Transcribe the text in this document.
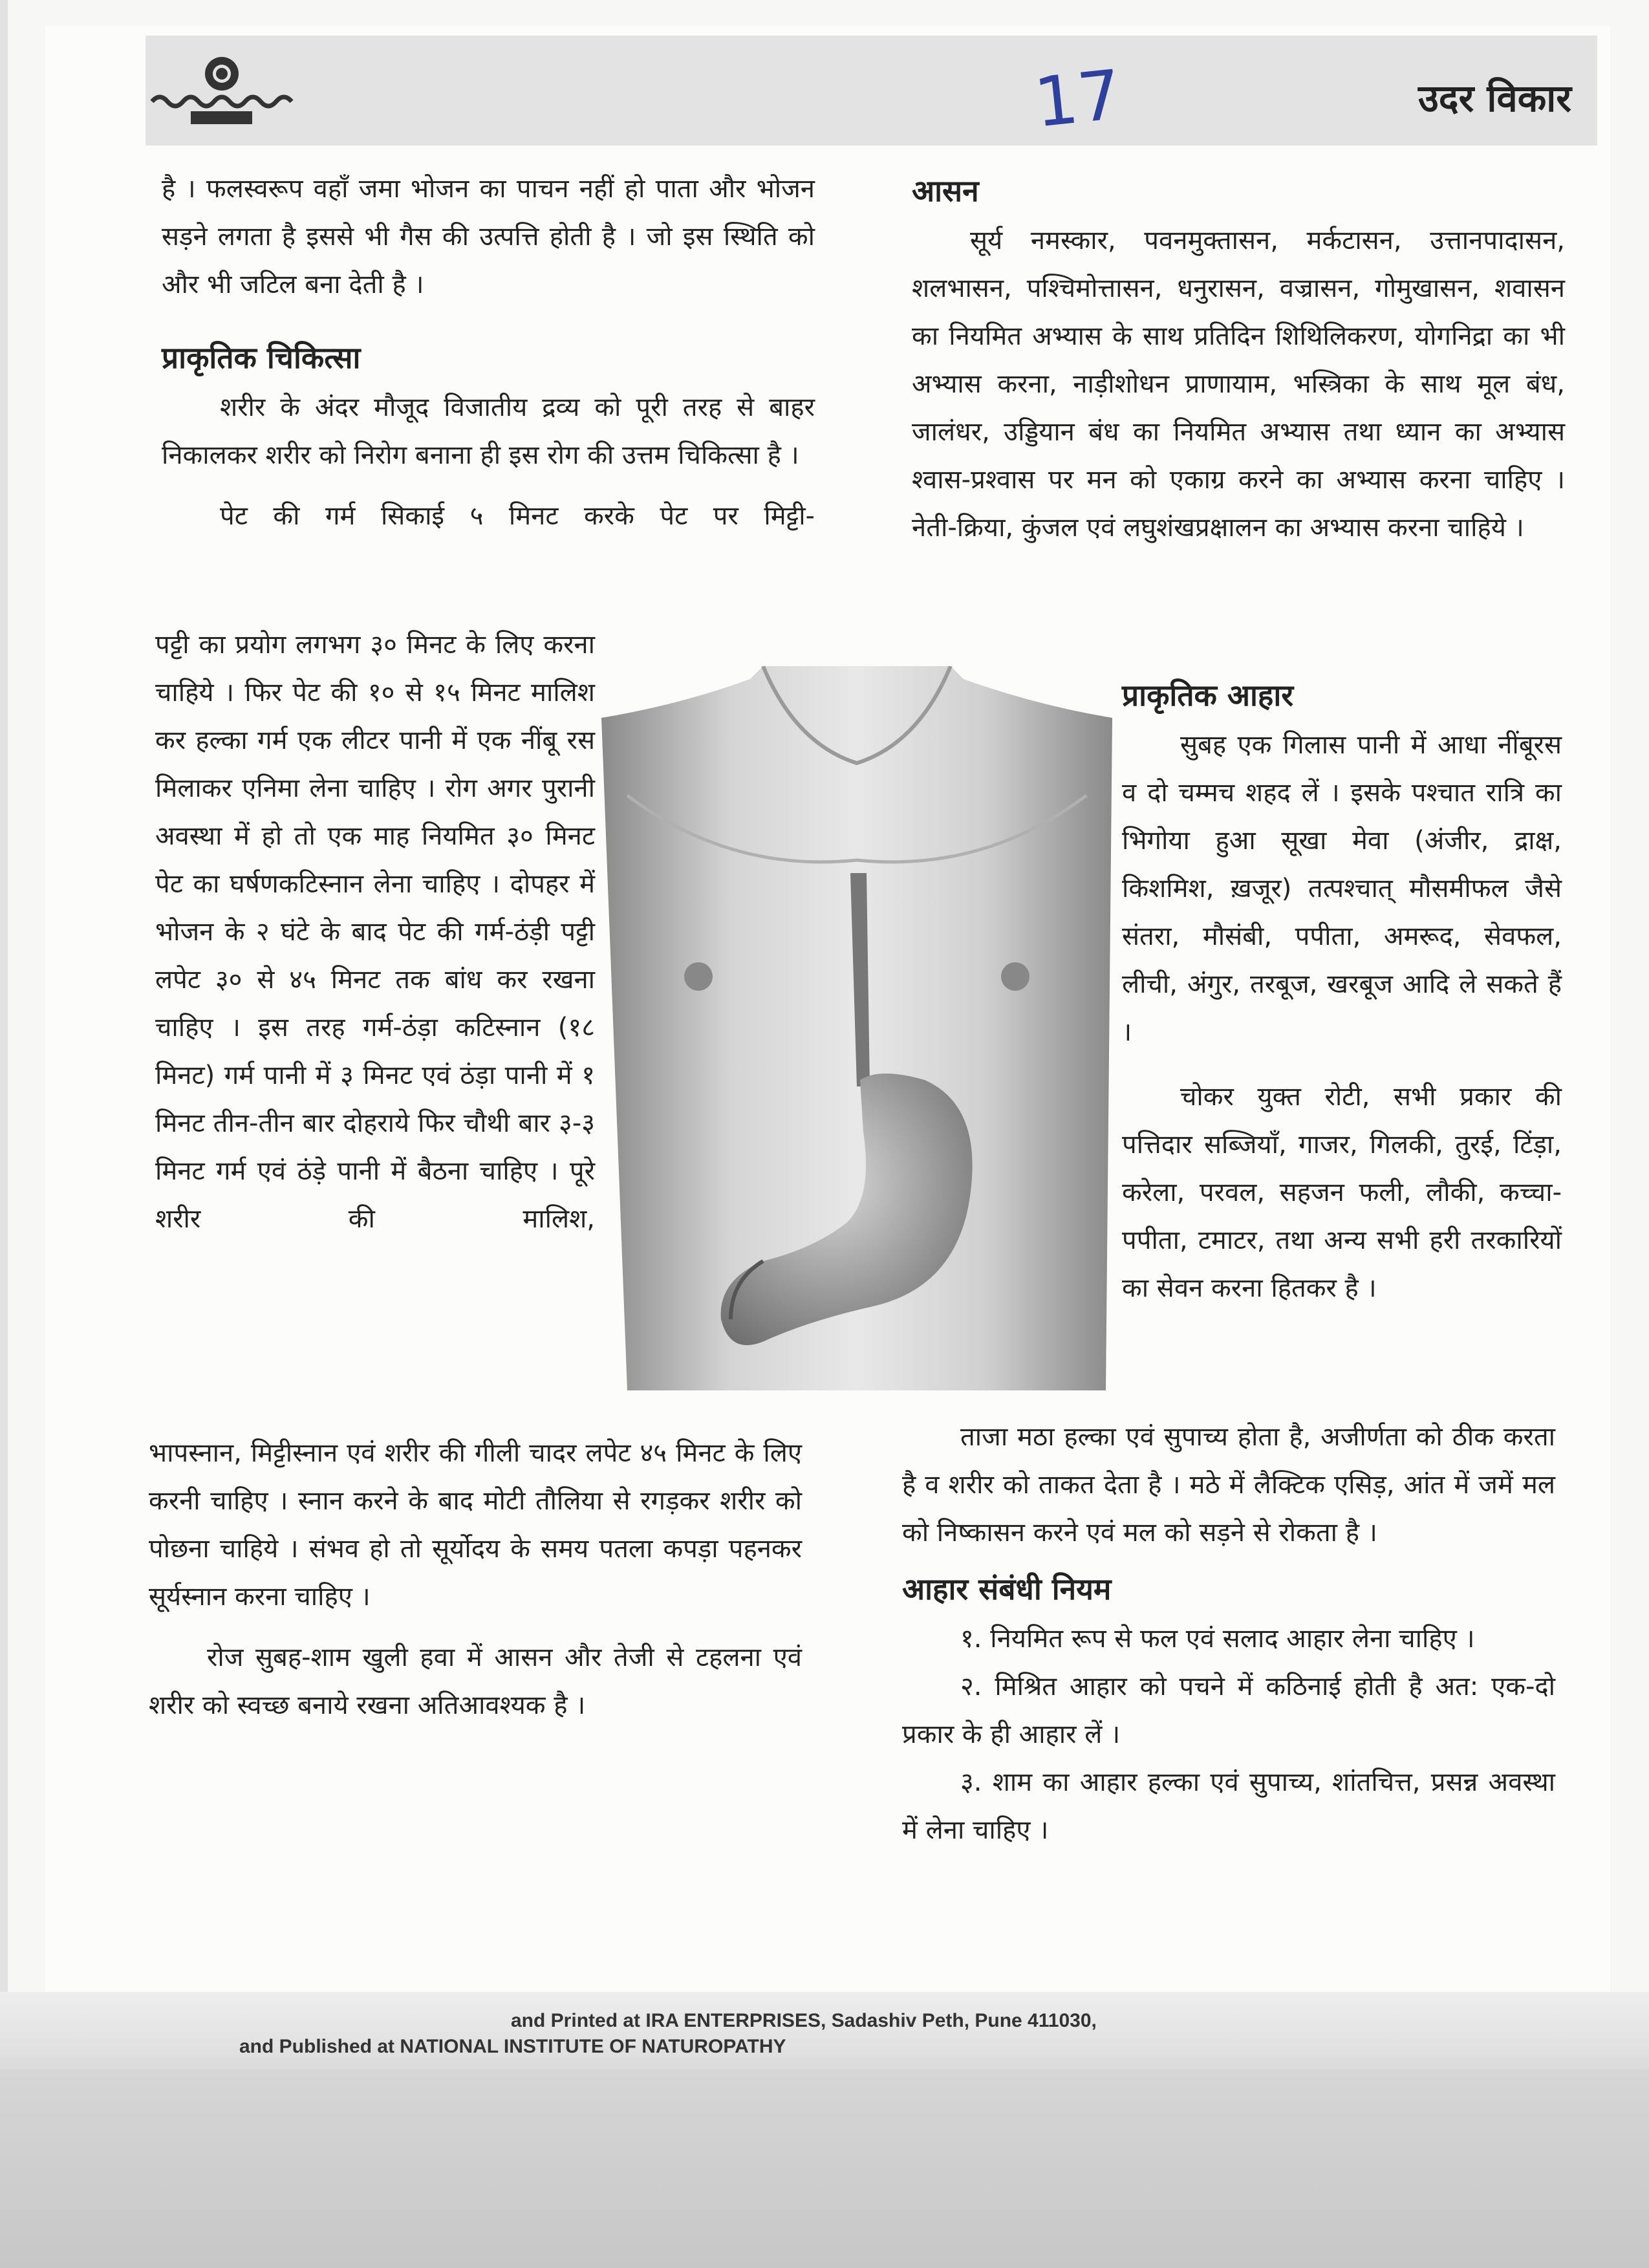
17	उदर विकार

है । फलस्वरूप वहाँ जमा भोजन का पाचन नहीं हो पाता और भोजन सड़ने लगता है इससे भी गैस की उत्पत्ति होती है । जो इस स्थिति को और भी जटिल बना देती है ।

प्राकृतिक चिकित्सा

शरीर के अंदर मौजूद विजातीय द्रव्य को पूरी तरह से बाहर निकालकर शरीर को निरोग बनाना ही इस रोग की उत्तम चिकित्सा है ।

पेट की गर्म सिकाई ५ मिनट करके पेट पर मिट्टी-

पट्टी का प्रयोग लगभग ३० मिनट के लिए करना चाहिये । फिर पेट की १० से १५ मिनट मालिश कर हल्का गर्म एक लीटर पानी में एक नींबू रस मिलाकर एनिमा लेना चाहिए । रोग अगर पुरानी अवस्था में हो तो एक माह नियमित ३० मिनट पेट का घर्षणकटिस्नान लेना चाहिए । दोपहर में भोजन के २ घंटे के बाद पेट की गर्म-ठंड़ी पट्टी लपेट ३० से ४५ मिनट तक बांध कर रखना चाहिए । इस तरह गर्म-ठंड़ा कटिस्नान (१८ मिनट) गर्म पानी में ३ मिनट एवं ठंड़ा पानी में १ मिनट तीन-तीन बार दोहराये फिर चौथी बार ३-३ मिनट गर्म एवं ठंड़े पानी में बैठना चाहिए । पूरे शरीर की मालिश,

भापस्नान, मिट्टीस्नान एवं शरीर की गीली चादर लपेट ४५ मिनट के लिए करनी चाहिए । स्नान करने के बाद मोटी तौलिया से रगड़कर शरीर को पोछना चाहिये । संभव हो तो सूर्योदय के समय पतला कपड़ा पहनकर सूर्यस्नान करना चाहिए ।

रोज सुबह-शाम खुली हवा में आसन और तेजी से टहलना एवं शरीर को स्वच्छ बनाये रखना अतिआवश्यक है ।

आसन

सूर्य नमस्कार, पवनमुक्तासन, मर्कटासन, उत्तानपादासन, शलभासन, पश्चिमोत्तासन, धनुरासन, वज्रासन, गोमुखासन, शवासन का नियमित अभ्यास के साथ प्रतिदिन शिथिलिकरण, योगनिद्रा का भी अभ्यास करना, नाड़ीशोधन प्राणायाम, भस्त्रिका के साथ मूल बंध, जालंधर, उड्डियान बंध का नियमित अभ्यास तथा ध्यान का अभ्यास श्वास-प्रश्वास पर मन को एकाग्र करने का अभ्यास करना चाहिए । नेती-क्रिया, कुंजल एवं लघुशंखप्रक्षालन का अभ्यास करना चाहिये ।

प्राकृतिक आहार

सुबह एक गिलास पानी में आधा नींबूरस व दो चम्मच शहद लें । इसके पश्चात रात्रि का भिगोया हुआ सूखा मेवा (अंजीर, द्राक्ष, किशमिश, ख़जूर) तत्पश्चात् मौसमीफल जैसे संतरा, मौसंबी, पपीता, अमरूद, सेवफल, लीची, अंगुर, तरबूज, खरबूज आदि ले सकते हैं ।

चोकर युक्त रोटी, सभी प्रकार की पत्तिदार सब्जियाँ, गाजर, गिलकी, तुरई, टिंड़ा, करेला, परवल, सहजन फली, लौकी, कच्चा-पपीता, टमाटर, तथा अन्य सभी हरी तरकारियों का सेवन करना हितकर है ।

ताजा मठा हल्का एवं सुपाच्य होता है, अजीर्णता को ठीक करता है व शरीर को ताकत देता है । मठे में लैक्टिक एसिड़, आंत में जमें मल को निष्कासन करने एवं मल को सड़ने से रोकता है ।

आहार संबंधी नियम

१. नियमित रूप से फल एवं सलाद आहार लेना चाहिए ।

२. मिश्रित आहार को पचने में कठिनाई होती है अत: एक-दो प्रकार के ही आहार लें ।

३. शाम का आहार हल्का एवं सुपाच्य, शांतचित्त, प्रसन्न अवस्था में लेना चाहिए ।

and Printed at IRA ENTERPRISES, Sadashiv Peth, Pune 411030,
and Published at NATIONAL INSTITUTE OF NATUROPATHY
